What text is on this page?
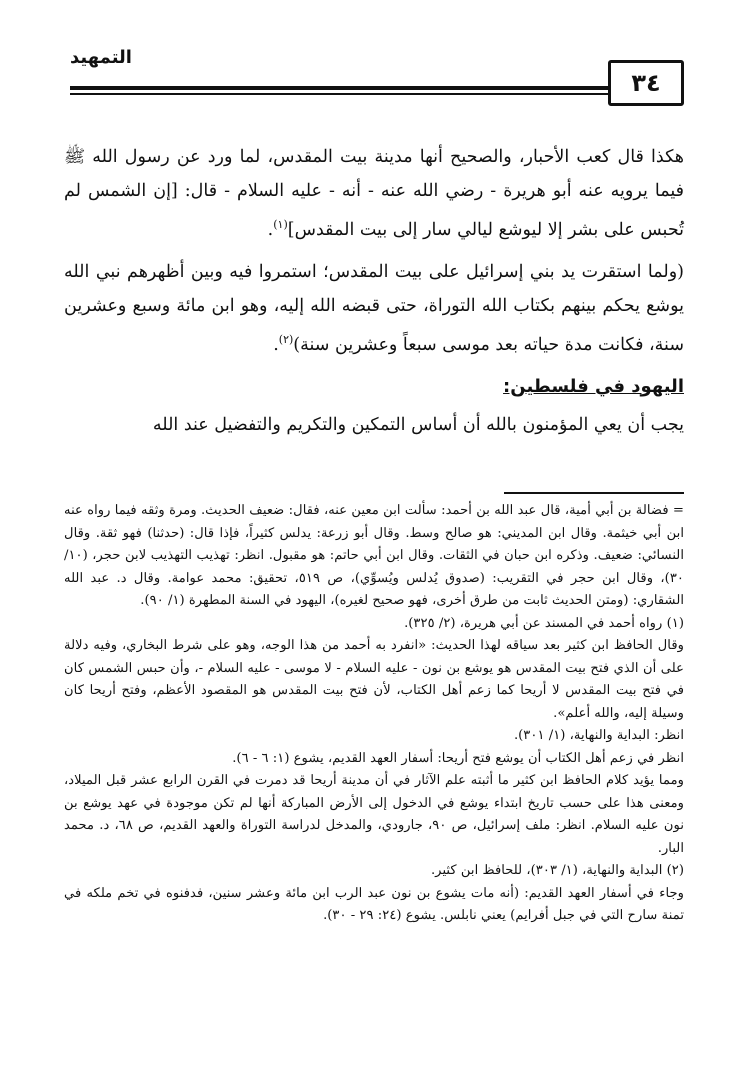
التمهيد
٣٤

هكذا قال كعب الأحبار، والصحيح أنها مدينة بيت المقدس، لما ورد عن رسول الله ﷺ فيما يرويه عنه أبو هريرة - رضي الله عنه - أنه - عليه السلام - قال: [إن الشمس لم تُحبس على بشر إلا ليوشع ليالي سار إلى بيت المقدس]$^{(١)}$.

(ولما استقرت يد بني إسرائيل على بيت المقدس؛ استمروا فيه وبين أظهرهم نبي الله يوشع يحكم بينهم بكتاب الله التوراة، حتى قبضه الله إليه، وهو ابن مائة وسبع وعشرين سنة، فكانت مدة حياته بعد موسى سبعاً وعشرين سنة)$^{(٢)}$.

اليهود في فلسطين:

يجب أن يعي المؤمنون بالله أن أساس التمكين والتكريم والتفضيل عند الله

= فضالة بن أبي أمية، قال عبد الله بن أحمد: سألت ابن معين عنه، فقال: ضعيف الحديث. ومرة وثقه فيما رواه عنه ابن أبي خيثمة. وقال ابن المديني: هو صالح وسط. وقال أبو زرعة: يدلس كثيراً، فإذا قال: (حدثنا) فهو ثقة. وقال النسائي: ضعيف. وذكره ابن حبان في الثقات. وقال ابن أبي حاتم: هو مقبول. انظر: تهذيب التهذيب لابن حجر، (١٠/ ٣٠)، وقال ابن حجر في التقريب: (صدوق يُدلس ويُسوِّي)، ص ٥١٩، تحقيق: محمد عوامة. وقال د. عبد الله الشقاري: (ومتن الحديث ثابت من طرق أخرى، فهو صحيح لغيره)، اليهود في السنة المطهرة (١/ ٩٠).

(١) رواه أحمد في المسند عن أبي هريرة، (٢/ ٣٢٥).

وقال الحافظ ابن كثير بعد سياقه لهذا الحديث: «انفرد به أحمد من هذا الوجه، وهو على شرط البخاري، وفيه دلالة على أن الذي فتح بيت المقدس هو يوشع بن نون - عليه السلام - لا موسى - عليه السلام -، وأن حبس الشمس كان في فتح بيت المقدس لا أريحا كما زعم أهل الكتاب، لأن فتح بيت المقدس هو المقصود الأعظم، وفتح أريحا كان وسيلة إليه، والله أعلم».

انظر: البداية والنهاية، (١/ ٣٠١).

انظر في زعم أهل الكتاب أن يوشع فتح أريحا: أسفار العهد القديم، يشوع (١: ٦ - ٦).

ومما يؤيد كلام الحافظ ابن كثير ما أثبته علم الآثار في أن مدينة أريحا قد دمرت في القرن الرابع عشر قبل الميلاد، ومعنى هذا على حسب تاريخ ابتداء يوشع في الدخول إلى الأرض المباركة أنها لم تكن موجودة في عهد يوشع بن نون عليه السلام. انظر: ملف إسرائيل، ص ٩٠، جارودي، والمدخل لدراسة التوراة والعهد القديم، ص ٦٨، د. محمد البار.

(٢) البداية والنهاية، (١/ ٣٠٣)، للحافظ ابن كثير.

وجاء في أسفار العهد القديم: (أنه مات يشوع بن نون عبد الرب ابن مائة وعشر سنين، فدفنوه في تخم ملكه في تمنة سارح التي في جبل أفرايم) يعني نابلس. يشوع (٢٤: ٢٩ - ٣٠).
